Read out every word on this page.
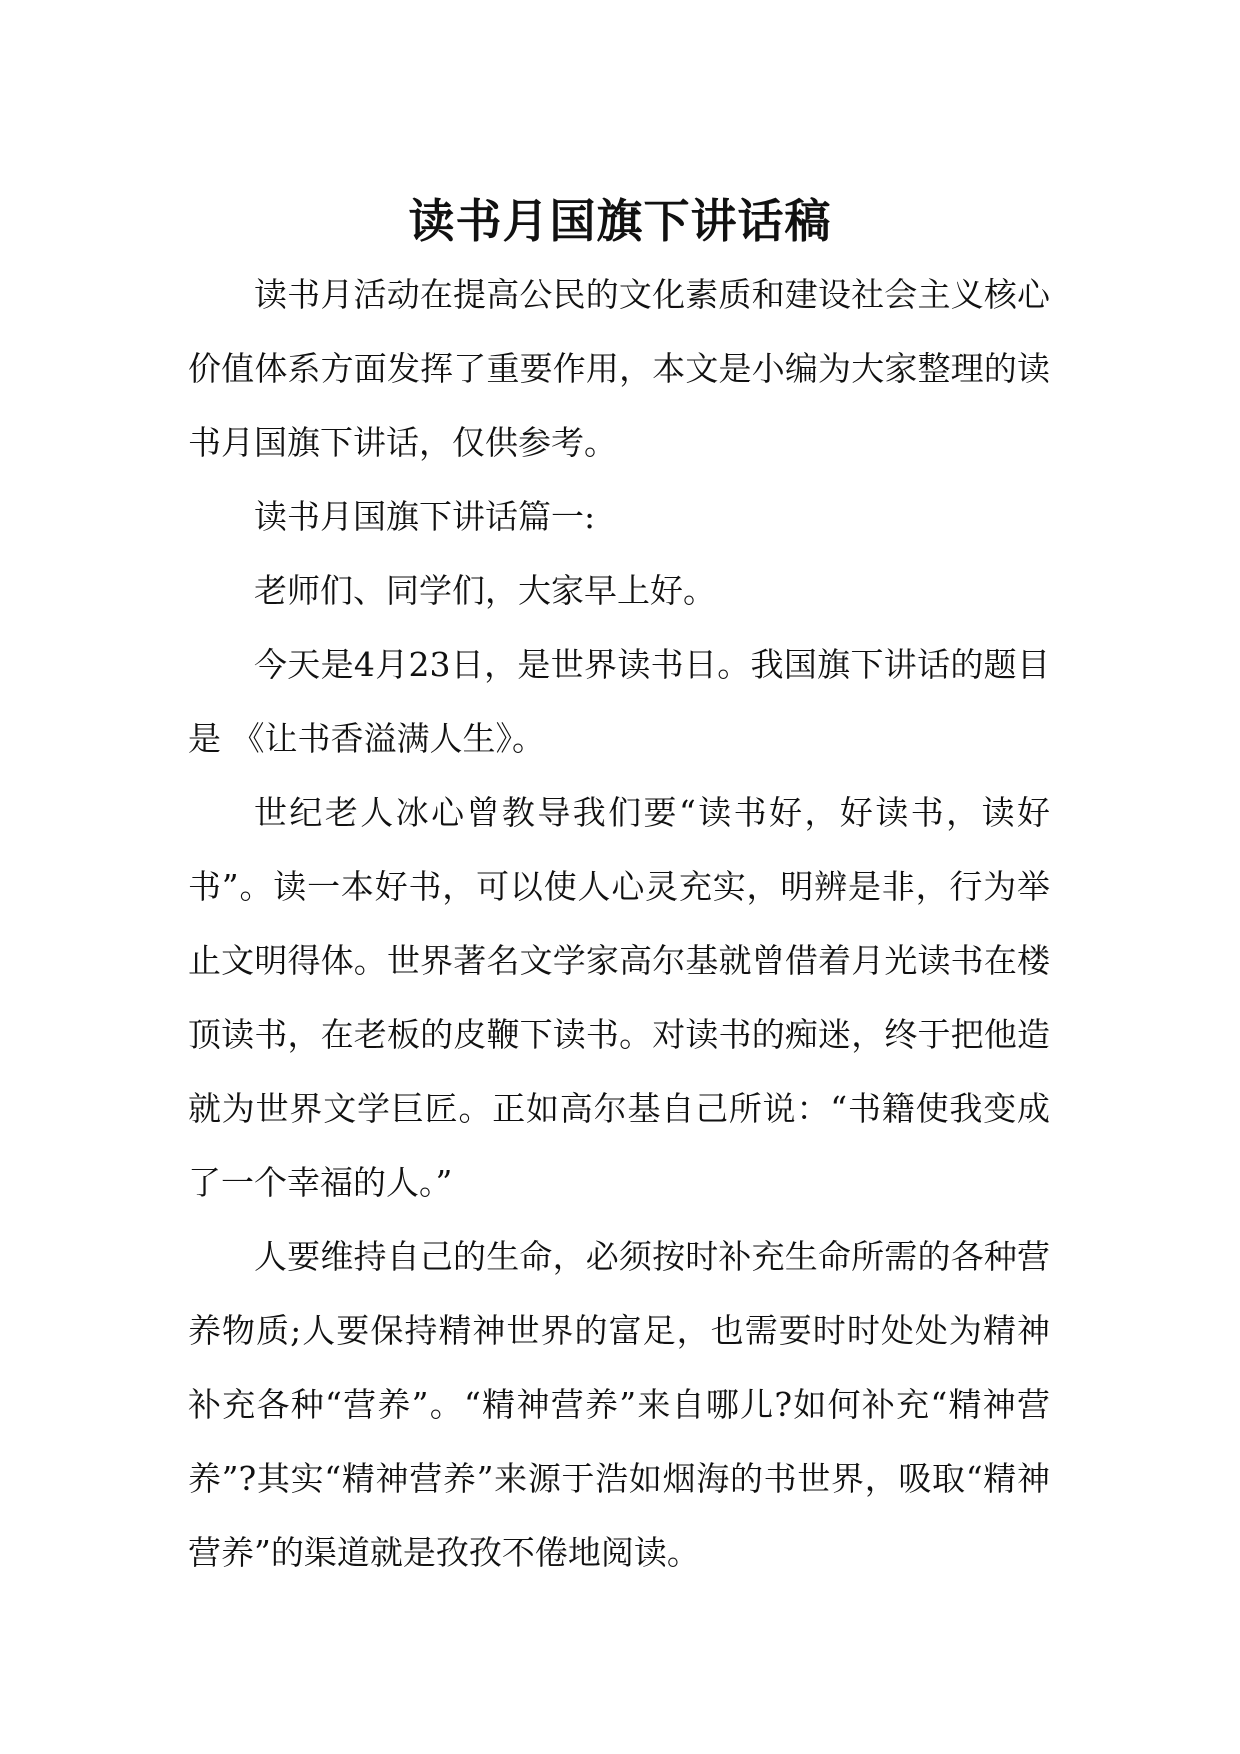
读书月国旗下讲话稿

读书月活动在提高公民的文化素质和建设社会主义核心价值体系方面发挥了重要作用，本文是小编为大家整理的读书月国旗下讲话，仅供参考。

读书月国旗下讲话篇一:

老师们、同学们，大家早上好。

今天是4月23日，是世界读书日。我国旗下讲话的题目是 《让书香溢满人生》。

世纪老人冰心曾教导我们要“读书好，好读书，读好书”。读一本好书，可以使人心灵充实，明辨是非，行为举止文明得体。世界著名文学家高尔基就曾借着月光读书在楼顶读书，在老板的皮鞭下读书。对读书的痴迷，终于把他造就为世界文学巨匠。正如高尔基自己所说：“书籍使我变成了一个幸福的人。”

人要维持自己的生命，必须按时补充生命所需的各种营养物质;人要保持精神世界的富足，也需要时时处处为精神补充各种“营养”。“精神营养”来自哪儿?如何补充“精神营养”?其实“精神营养”来源于浩如烟海的书世界，吸取“精神营养”的渠道就是孜孜不倦地阅读。
